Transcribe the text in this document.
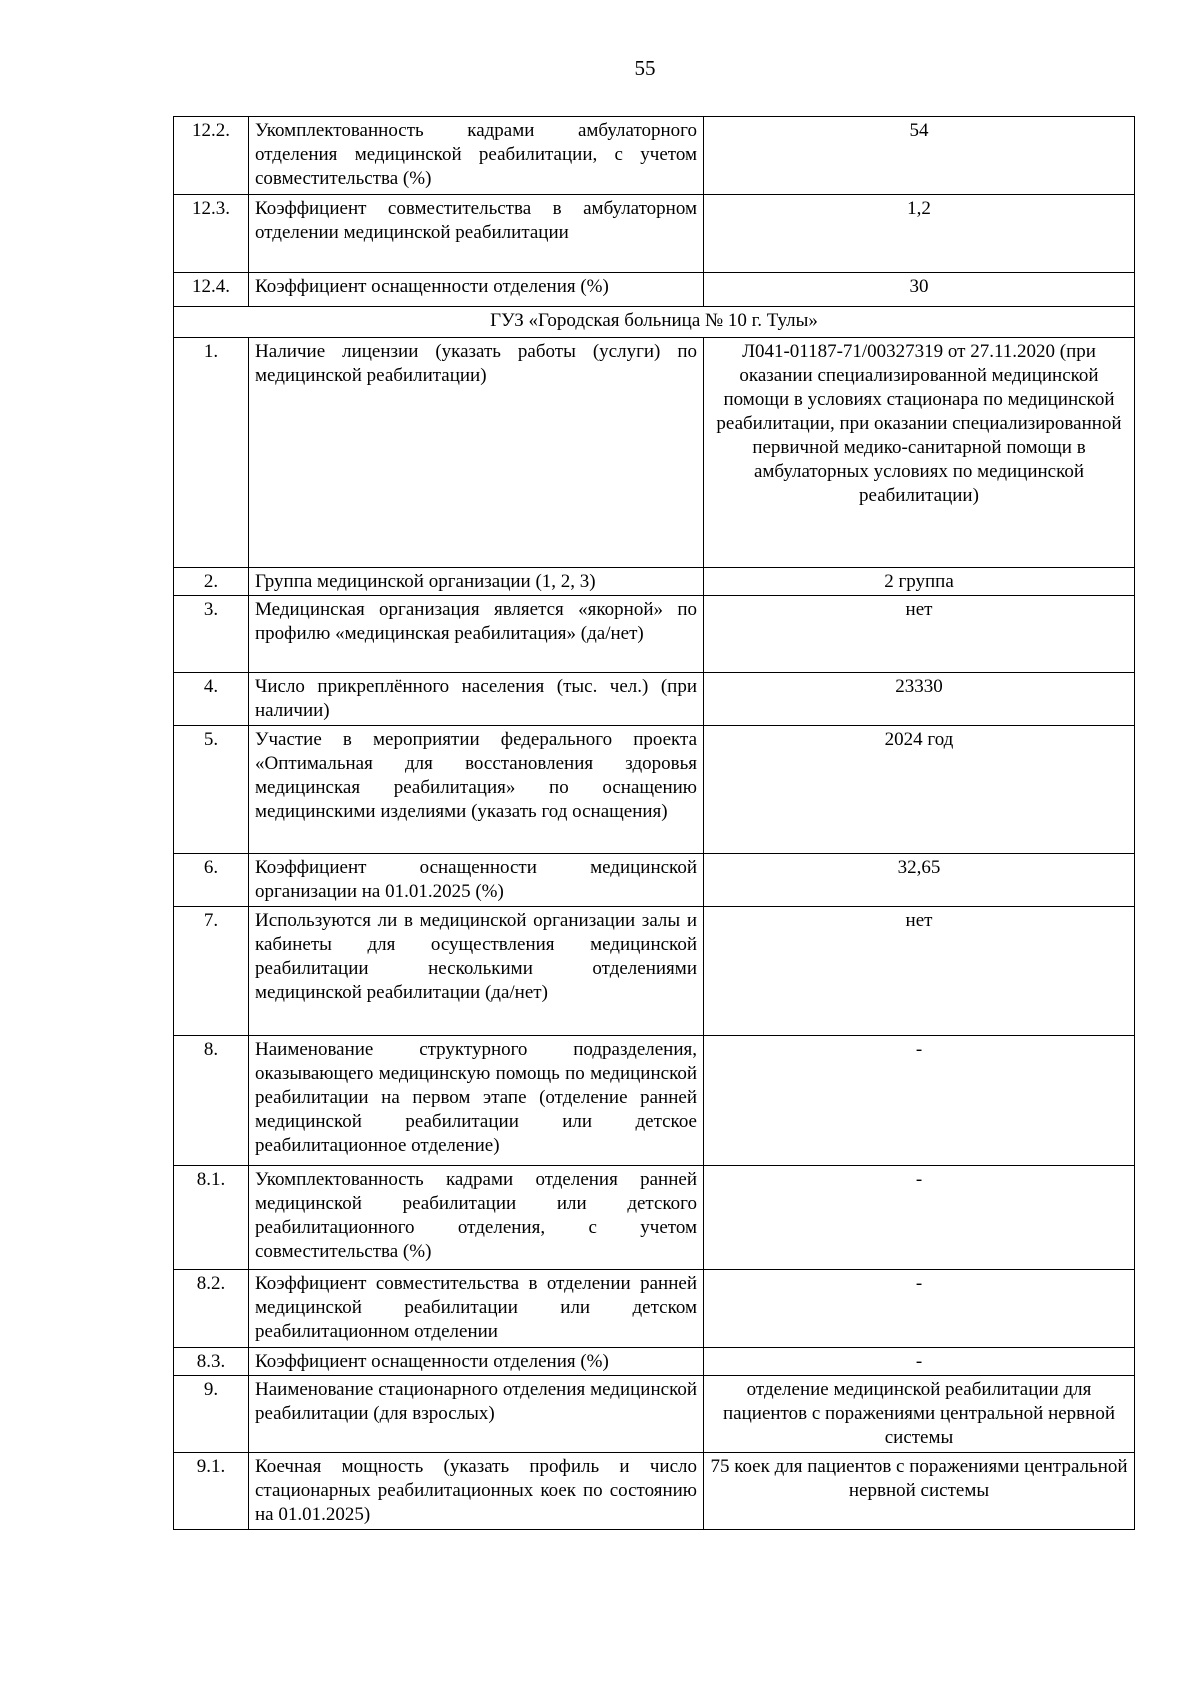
55
12.2.	Укомплектованность кадрами амбулаторного отделения медицинской реабилитации, с учетом совместительства (%)	54
12.3.	Коэффициент совместительства в амбулаторном отделении медицинской реабилитации	1,2
12.4.	Коэффициент оснащенности отделения (%)	30
ГУЗ «Городская больница № 10 г. Тулы»		
1.	Наличие лицензии (указать работы (услуги) по медицинской реабилитации)	Л041-01187-71/00327319 от 27.11.2020 (при оказании специализированной медицинской помощи в условиях стационара по медицинской реабилитации, при оказании специализированной первичной медико-санитарной помощи в амбулаторных условиях по медицинской реабилитации)
2.	Группа медицинской организации (1, 2, 3)	2 группа
3.	Медицинская организация является «якорной» по профилю «медицинская реабилитация» (да/нет)	нет
4.	Число прикреплённого населения (тыс. чел.) (при наличии)	23330
5.	Участие в мероприятии федерального проекта «Оптимальная для восстановления здоровья медицинская реабилитация» по оснащению медицинскими изделиями (указать год оснащения)	2024 год
6.	Коэффициент оснащенности медицинской организации на 01.01.2025 (%)	32,65
7.	Используются ли в медицинской организации залы и кабинеты для осуществления медицинской реабилитации несколькими отделениями медицинской реабилитации (да/нет)	нет
8.	Наименование структурного подразделения, оказывающего медицинскую помощь по медицинской реабилитации на первом этапе (отделение ранней медицинской реабилитации или детское реабилитационное отделение)	-
8.1.	Укомплектованность кадрами отделения ранней медицинской реабилитации или детского реабилитационного отделения, с учетом совместительства (%)	-
8.2.	Коэффициент совместительства в отделении ранней медицинской реабилитации или детском реабилитационном отделении	-
8.3.	Коэффициент оснащенности отделения (%)	-
9.	Наименование стационарного отделения медицинской реабилитации (для взрослых)	отделение медицинской реабилитации для пациентов с поражениями центральной нервной системы
9.1.	Коечная мощность (указать профиль и число стационарных реабилитационных коек по состоянию на 01.01.2025)	75 коек для пациентов с поражениями центральной нервной системы
